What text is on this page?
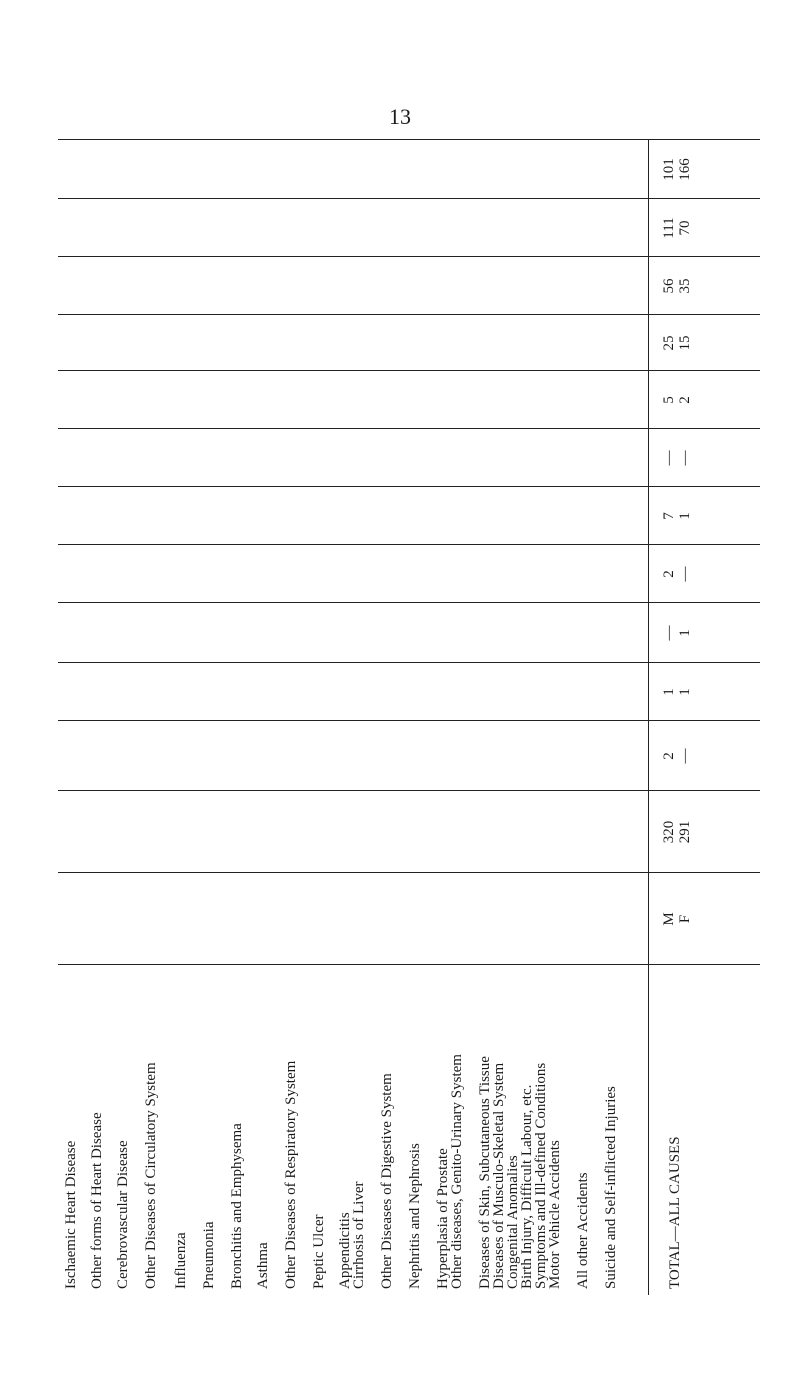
13
Ischaemic Heart Disease Other forms of Heart Disease Cerebrovascular Disease Other Diseases of Circulatory System Influenza Pneumonia Bronchitis and Emphysema Asthma Other Diseases of Respiratory System Peptic Ulcer Appendicitis
Cirrhosis of Liver Other Diseases of Digestive System Nephritis and Nephrosis Hyperplasia of Prostate
Other diseases, Genito-Urinary System Diseases of Skin, Subcutaneous Tissue
Diseases of Musculo-Skeletal System
Congenital Anomalies
Birth Injury, Difficult Labour, etc.
Symptoms and Ill-defined Conditions
Motor Vehicle Accidents All other Accidents Suicide and Self-inflicted Injuries	TOTAL—ALL CAUSES
M F
320 291
2 —
1 1
— 1
2 —
7 1
— —
5 2
25 15
56 35
111 70
101 166
